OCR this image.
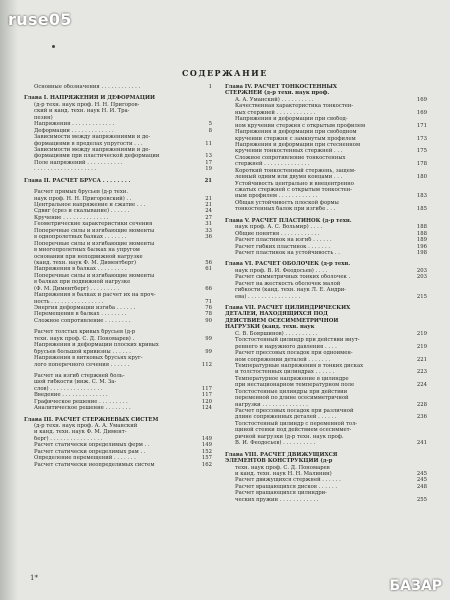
СОДЕРЖАНИЕ
Основные обозначения . . . . . . . . . . . .	1
Глава I. НАПРЯЖЕНИЯ И ДЕФОРМАЦИИ
(д-р техн. наук проф. Н. Н. Пригоров-
ский и канд. техн. наук Н. И. Тра-
пезин)
Напряжения . . . . . . . . . . . . .	5
Деформации . . . . . . . . . . . . .	8
Зависимости между напряжениями и де-
формациями в пределах упругости . . .	11
Зависимости между напряжениями и де-
формациями при пластической деформации	13
Поле напряжений . . . . . . . . . . .	17
. . . . . . . . . . . . . . . . . . .	19
Глава II. РАСЧЕТ БРУСА . . . . . . . .	21
Расчет прямых брусьев (д-р техн.
наук проф. Н. Н. Пригоровский) . .	21
Центральное напряжение и сжатие . . .	21
Сдвиг (срез и скалывание) . . . . . .	24
Кручение . . . . . . . . . . . . . .	27
Геометрические характеристики сечения	31
Поперечные силы и изгибающие моменты	33
в однопролетных балках . . . . . . .	36
Поперечные силы и изгибающие моменты
в многопролетных балках на упругом
основании при неподвижной нагрузке
(канд. техн. наук Ф. М. Диментберг)	56
Напряжения в балках . . . . . . . . .	61
Поперечные силы и изгибающие моменты
в балках при подвижной нагрузке
(Ф. М. Диментберг) . . . . . . . . .	66
Напряжения в балках и расчет их на проч-
ность . . . . . . . . . . . . . . . .	71
Энергия деформации изгиба . . . . . .	76
Перемещения в балках . . . . . . . .	78
Сложное сопротивление . . . . . . . .	90
Расчет толстых кривых брусьев (д-р
техн. наук проф. С. Д. Пономарев) .	99
Напряжения и деформации плоских кривых
брусьев большой кривизны . . . . . .	99
Напряжения в витковых брусьях круг-
лого поперечного сечения . . . . . .	112
Расчет на изгиб стержней боль-
шой гибкости (инж. С. М. За-
слов) . . . . . . . . . . . . . . . .	117
Введение . . . . . . . . . . . . . .	117
Графическое решение . . . . . . . . .	120
Аналитическое решение . . . . . . . .	124
Глава III. РАСЧЕТ СТЕРЖНЕВЫХ СИСТЕМ
(д-р техн. наук проф. А. А. Уманский
и канд. техн. наук Ф. М. Димент-
берг) . . . . . . . . . . . . . . . .	149
Расчет статически определимых ферм . .	149
Расчет статически определимых рам . .	152
Определение перемещений . . . . . . .	157
Расчет статически неопределимых систем	162
Глава IV. РАСЧЕТ ТОНКОСТЕННЫХ
СТЕРЖНЕЙ (д-р техн. наук проф.
А. А. Уманский) . . . . . . . . . .	169
Качественная характеристика тонкостен-
ных стержней . . . . . . . . . . . .	169
Напряжения и деформации при свобод-
ном кручении стержня с открытым профилем	171
Напряжения и деформации при свободном
кручении стержня с замкнутым профилем	173
Напряжения и деформации при стесненном
кручении тонкостенных стержней . . .	175
Сложное сопротивление тонкостенных
стержней . . . . . . . . . . . . . .	178
Короткий тонкостенный стержень, защем-
ленный одним или двумя концами . . .	180
Устойчивость центрально и внецентренно
сжатых стержней с открытым тонкостен-
ным профилем . . . . . . . . . . . .	183
Общая устойчивость плоской формы
тонкостенных балок при изгибе . . .	185
Глава V. РАСЧЕТ ПЛАСТИНОК (д-р техн.
наук проф. А. С. Вольмир) . . . .	188
Общие понятия . . . . . . . . . . . .	188
Расчет пластинок на изгиб . . . . . .	189
Расчет гибких пластинок . . . . . . .	196
Расчет пластинок на устойчивость . .	198
Глава VI. РАСЧЕТ ОБОЛОЧЕК (д-р техн.
наук проф. В. И. Феодосьев) . . . .	203
Расчет симметричных тонких оболочек .	203
Расчет на жесткость оболочек малой
гибкости (канд. техн. наук Л. Е. Андри-
ева) . . . . . . . . . . . . . . . .	215
Глава VII. РАСЧЕТ ЦИЛИНДРИЧЕСКИХ
ДЕТАЛЕЙ, НАХОДЯЩИХСЯ ПОД
ДЕЙСТВИЕМ ОСЕСИММЕТРИЧНОЙ
НАГРУЗКИ (канд. техн. наук
С. В. Бояршинов) . . . . . . . . . .	219
Толстостенный цилиндр при действии внут-
реннего и наружного давления . . . .	219
Расчет прессовых посадок при одноимен-
ном сопряжении деталей . . . . . . .	221
Температурные напряжения в тонких дисках
и толстостенных цилиндрах . . . . . .	223
Температурное напряжение в цилиндре
при нестационарном температурном поле	224
Толстостенные цилиндры при действии
переменной по длине осесимметричной
нагрузки . . . . . . . . . . . . . .	228
Расчет прессовых посадок при различной
длине сопряженных деталей . . . . . .	236
Толстостенный цилиндр с переменной тол-
щиной стенки под действием осесиммет-
ричной нагрузки (д-р техн. наук проф.
В. И. Феодосьев) . . . . . . . . . .	241
Глава VIII. РАСЧЕТ ДВИЖУЩИХСЯ
ЭЛЕМЕНТОВ КОНСТРУКЦИЙ (д-р
техн. наук проф. С. Д. Пономарев
и канд. техн. наук Н. Н. Малинин)	245
Расчет движущихся стержней . . . . . .	245
Расчет вращающихся дисков . . . . . .	248
Расчет вращающихся цилиндри-
ческих пружин . . . . . . . . . . . .	255
1*
ruse05
БАЗАР
